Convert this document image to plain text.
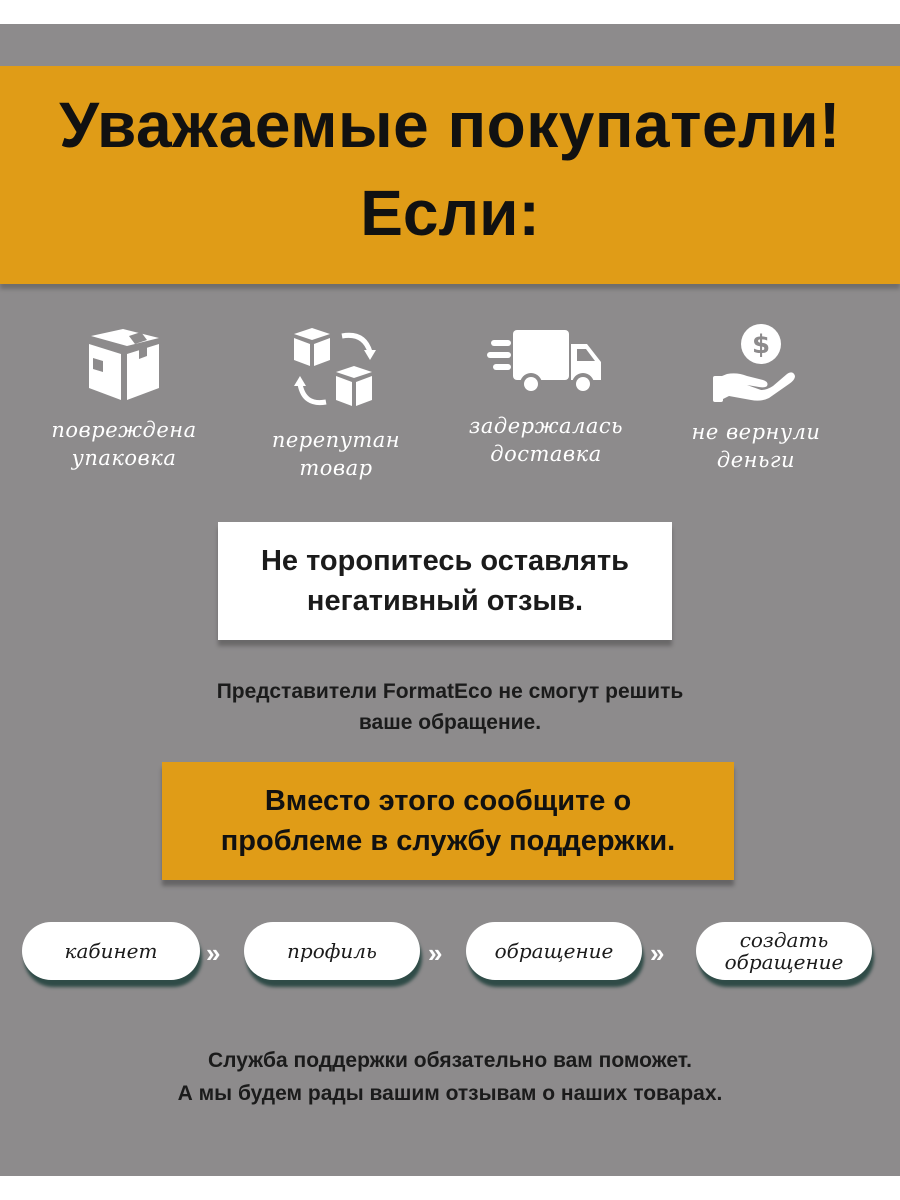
Уважаемые покупатели!
Если:
повреждена
упаковка
перепутан
товар
задержалась
доставка
$
не вернули
деньги
Не торопитесь оставлять
негативный отзыв.
Представители FormatEco не смогут решить
ваше обращение.
Вместо этого сообщите о
проблеме в службу поддержки.
кабинет »	профиль »	обращение »	создать
обращение
Служба поддержки обязательно вам поможет.
А мы будем рады вашим отзывам о наших товарах.
